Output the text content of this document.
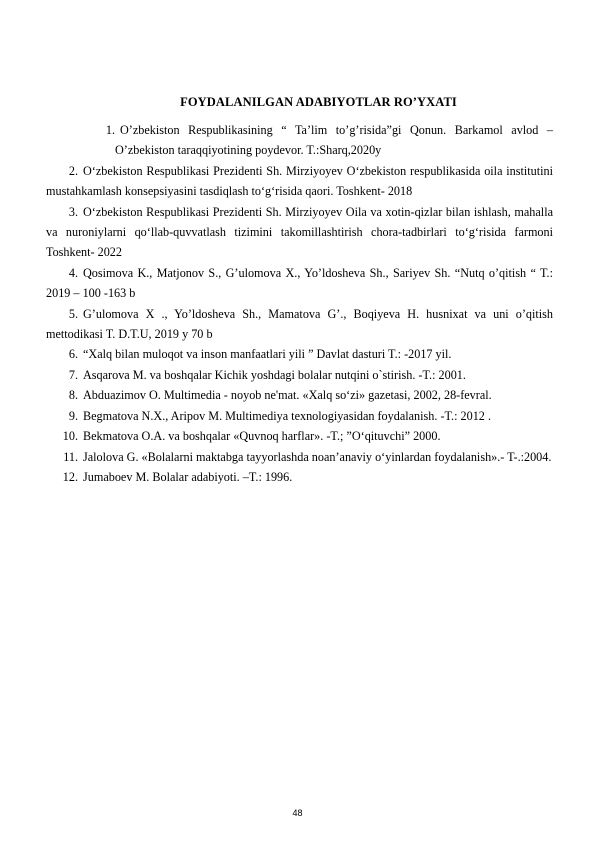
FOYDALANILGAN ADABIYOTLAR RO’YXATI

1. O’zbekiston Respublikasining “ Ta’lim to’g’risida”gi Qonun. Barkamol avlod – O’zbekiston taraqqiyotining poydevor. T.:Sharq,2020y

2. O‘zbekiston Respublikasi Prezidenti Sh. Mirziyoyev O‘zbekiston respublikasida oila institutini mustahkamlash konsepsiyasini tasdiqlash to‘g‘risida qaori. Toshkent- 2018

3. O‘zbekiston Respublikasi Prezidenti Sh. Mirziyoyev Oila va xotin-qizlar bilan ishlash, mahalla va nuroniylarni qo‘llab-quvvatlash tizimini takomillashtirish chora-tadbirlari to‘g‘risida farmoni Toshkent- 2022

4. Qosimova K., Matjonov S., G’ulomova X., Yo’ldosheva Sh., Sariyev Sh. “Nutq o’qitish “ T.: 2019 – 100 -163 b

5. G’ulomova X ., Yo’ldosheva Sh., Mamatova G’., Boqiyeva H. husnixat va uni o’qitish mettodikasi T. D.T.U, 2019 y 70 b

6. “Xalq bilan muloqot va inson manfaatlari yili ” Davlat dasturi T.: -2017 yil.

7. Asqarova M. va boshqalar Kichik yoshdagi bolalar nutqini o`stirish. -T.: 2001.

8. Abduazimov O. Multimedia - noyob ne'mat. «Xalq so‘zi» gazetasi, 2002, 28-fevral.

9. Begmatova N.X., Aripov M. Multimediya texnologiyasidan foydalanish. -T.: 2012 .

10. Bekmatova O.A. va boshqalar «Quvnoq harflar». -T.; ”O‘qituvchi” 2000.

11. Jalolova G. «Bolalarni maktabga tayyorlashda noan’anaviy o‘yinlardan foydalanish».- T-.:2004.

12. Jumaboev M. Bolalar adabiyoti. –T.: 1996.

48
